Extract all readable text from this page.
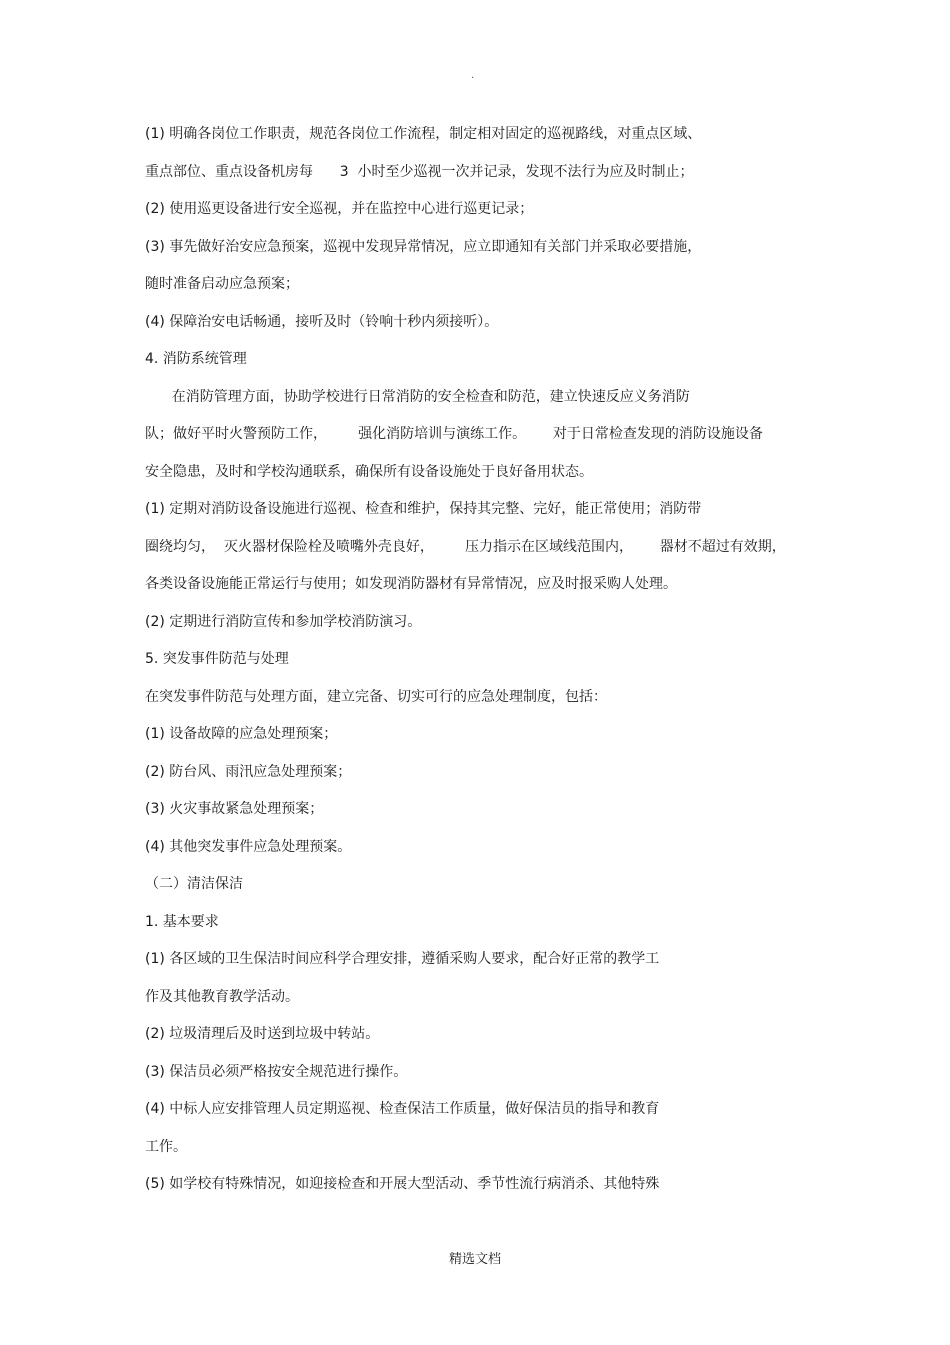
.
(1) 明确各岗位工作职责，规范各岗位工作流程，制定相对固定的巡视路线，对重点区域、
重点部位、重点设备机房每      3  小时至少巡视一次并记录，发现不法行为应及时制止；
(2) 使用巡更设备进行安全巡视，并在监控中心进行巡更记录；
(3) 事先做好治安应急预案，巡视中发现异常情况，应立即通知有关部门并采取必要措施，
随时准备启动应急预案；
(4) 保障治安电话畅通，接听及时（铃响十秒内须接听）。
4. 消防系统管理
在消防管理方面，协助学校进行日常消防的安全检查和防范，建立快速反应义务消防
队；做好平时火警预防工作，       强化消防培训与演练工作。      对于日常检查发现的消防设施设备
安全隐患，及时和学校沟通联系，确保所有设备设施处于良好备用状态。
(1) 定期对消防设备设施进行巡视、检查和维护，保持其完整、完好，能正常使用；消防带
圈绕均匀，  灭火器材保险栓及喷嘴外壳良好，       压力指示在区域线范围内，      器材不超过有效期，
各类设备设施能正常运行与使用；如发现消防器材有异常情况，应及时报采购人处理。
(2) 定期进行消防宣传和参加学校消防演习。
5. 突发事件防范与处理
在突发事件防范与处理方面，建立完备、切实可行的应急处理制度，包括：
(1) 设备故障的应急处理预案；
(2) 防台风、雨汛应急处理预案；
(3) 火灾事故紧急处理预案；
(4) 其他突发事件应急处理预案。
（二）清洁保洁
1. 基本要求
(1) 各区域的卫生保洁时间应科学合理安排，遵循采购人要求，配合好正常的教学工
作及其他教育教学活动。
(2) 垃圾清理后及时送到垃圾中转站。
(3) 保洁员必须严格按安全规范进行操作。
(4) 中标人应安排管理人员定期巡视、检查保洁工作质量，做好保洁员的指导和教育
工作。
(5) 如学校有特殊情况，如迎接检查和开展大型活动、季节性流行病消杀、其他特殊
精选文档
